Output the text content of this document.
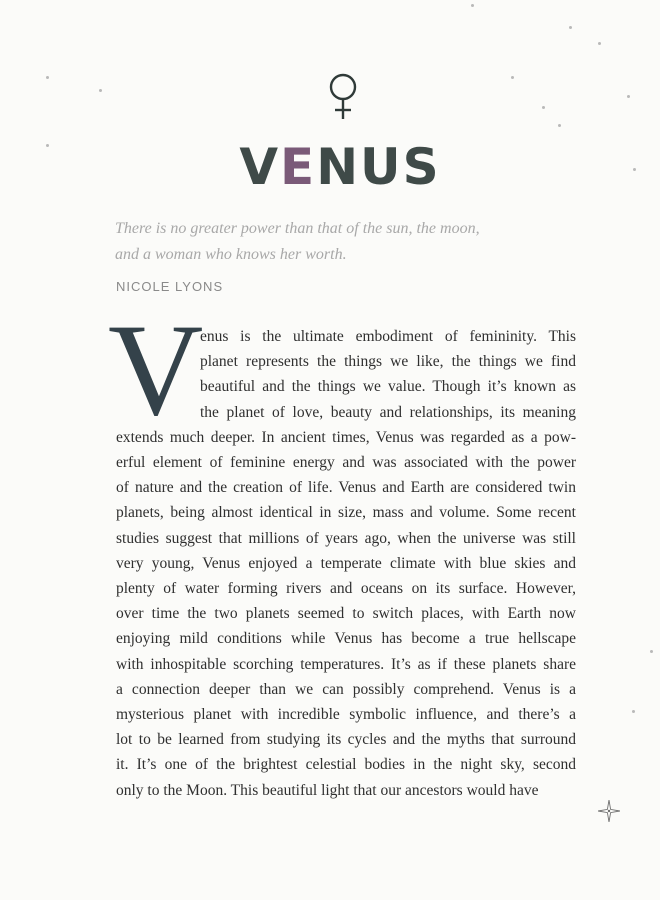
VENUS
There is no greater power than that of the sun, the moon,
and a woman who knows her worth.
NICOLE LYONS
V
enus is the ultimate embodiment of femininity. This
planet represents the things we like, the things we find
beautiful and the things we value. Though it’s known as
the planet of love, beauty and relationships, its meaning
extends much deeper. In ancient times, Venus was regarded as a pow-
erful element of feminine energy and was associated with the power
of nature and the creation of life. Venus and Earth are considered twin
planets, being almost identical in size, mass and volume. Some recent
studies suggest that millions of years ago, when the universe was still
very young, Venus enjoyed a temperate climate with blue skies and
plenty of water forming rivers and oceans on its surface. However,
over time the two planets seemed to switch places, with Earth now
enjoying mild conditions while Venus has become a true hellscape
with inhospitable scorching temperatures. It’s as if these planets share
a connection deeper than we can possibly comprehend. Venus is a
mysterious planet with incredible symbolic influence, and there’s a
lot to be learned from studying its cycles and the myths that surround
it. It’s one of the brightest celestial bodies in the night sky, second
only to the Moon. This beautiful light that our ancestors would have
